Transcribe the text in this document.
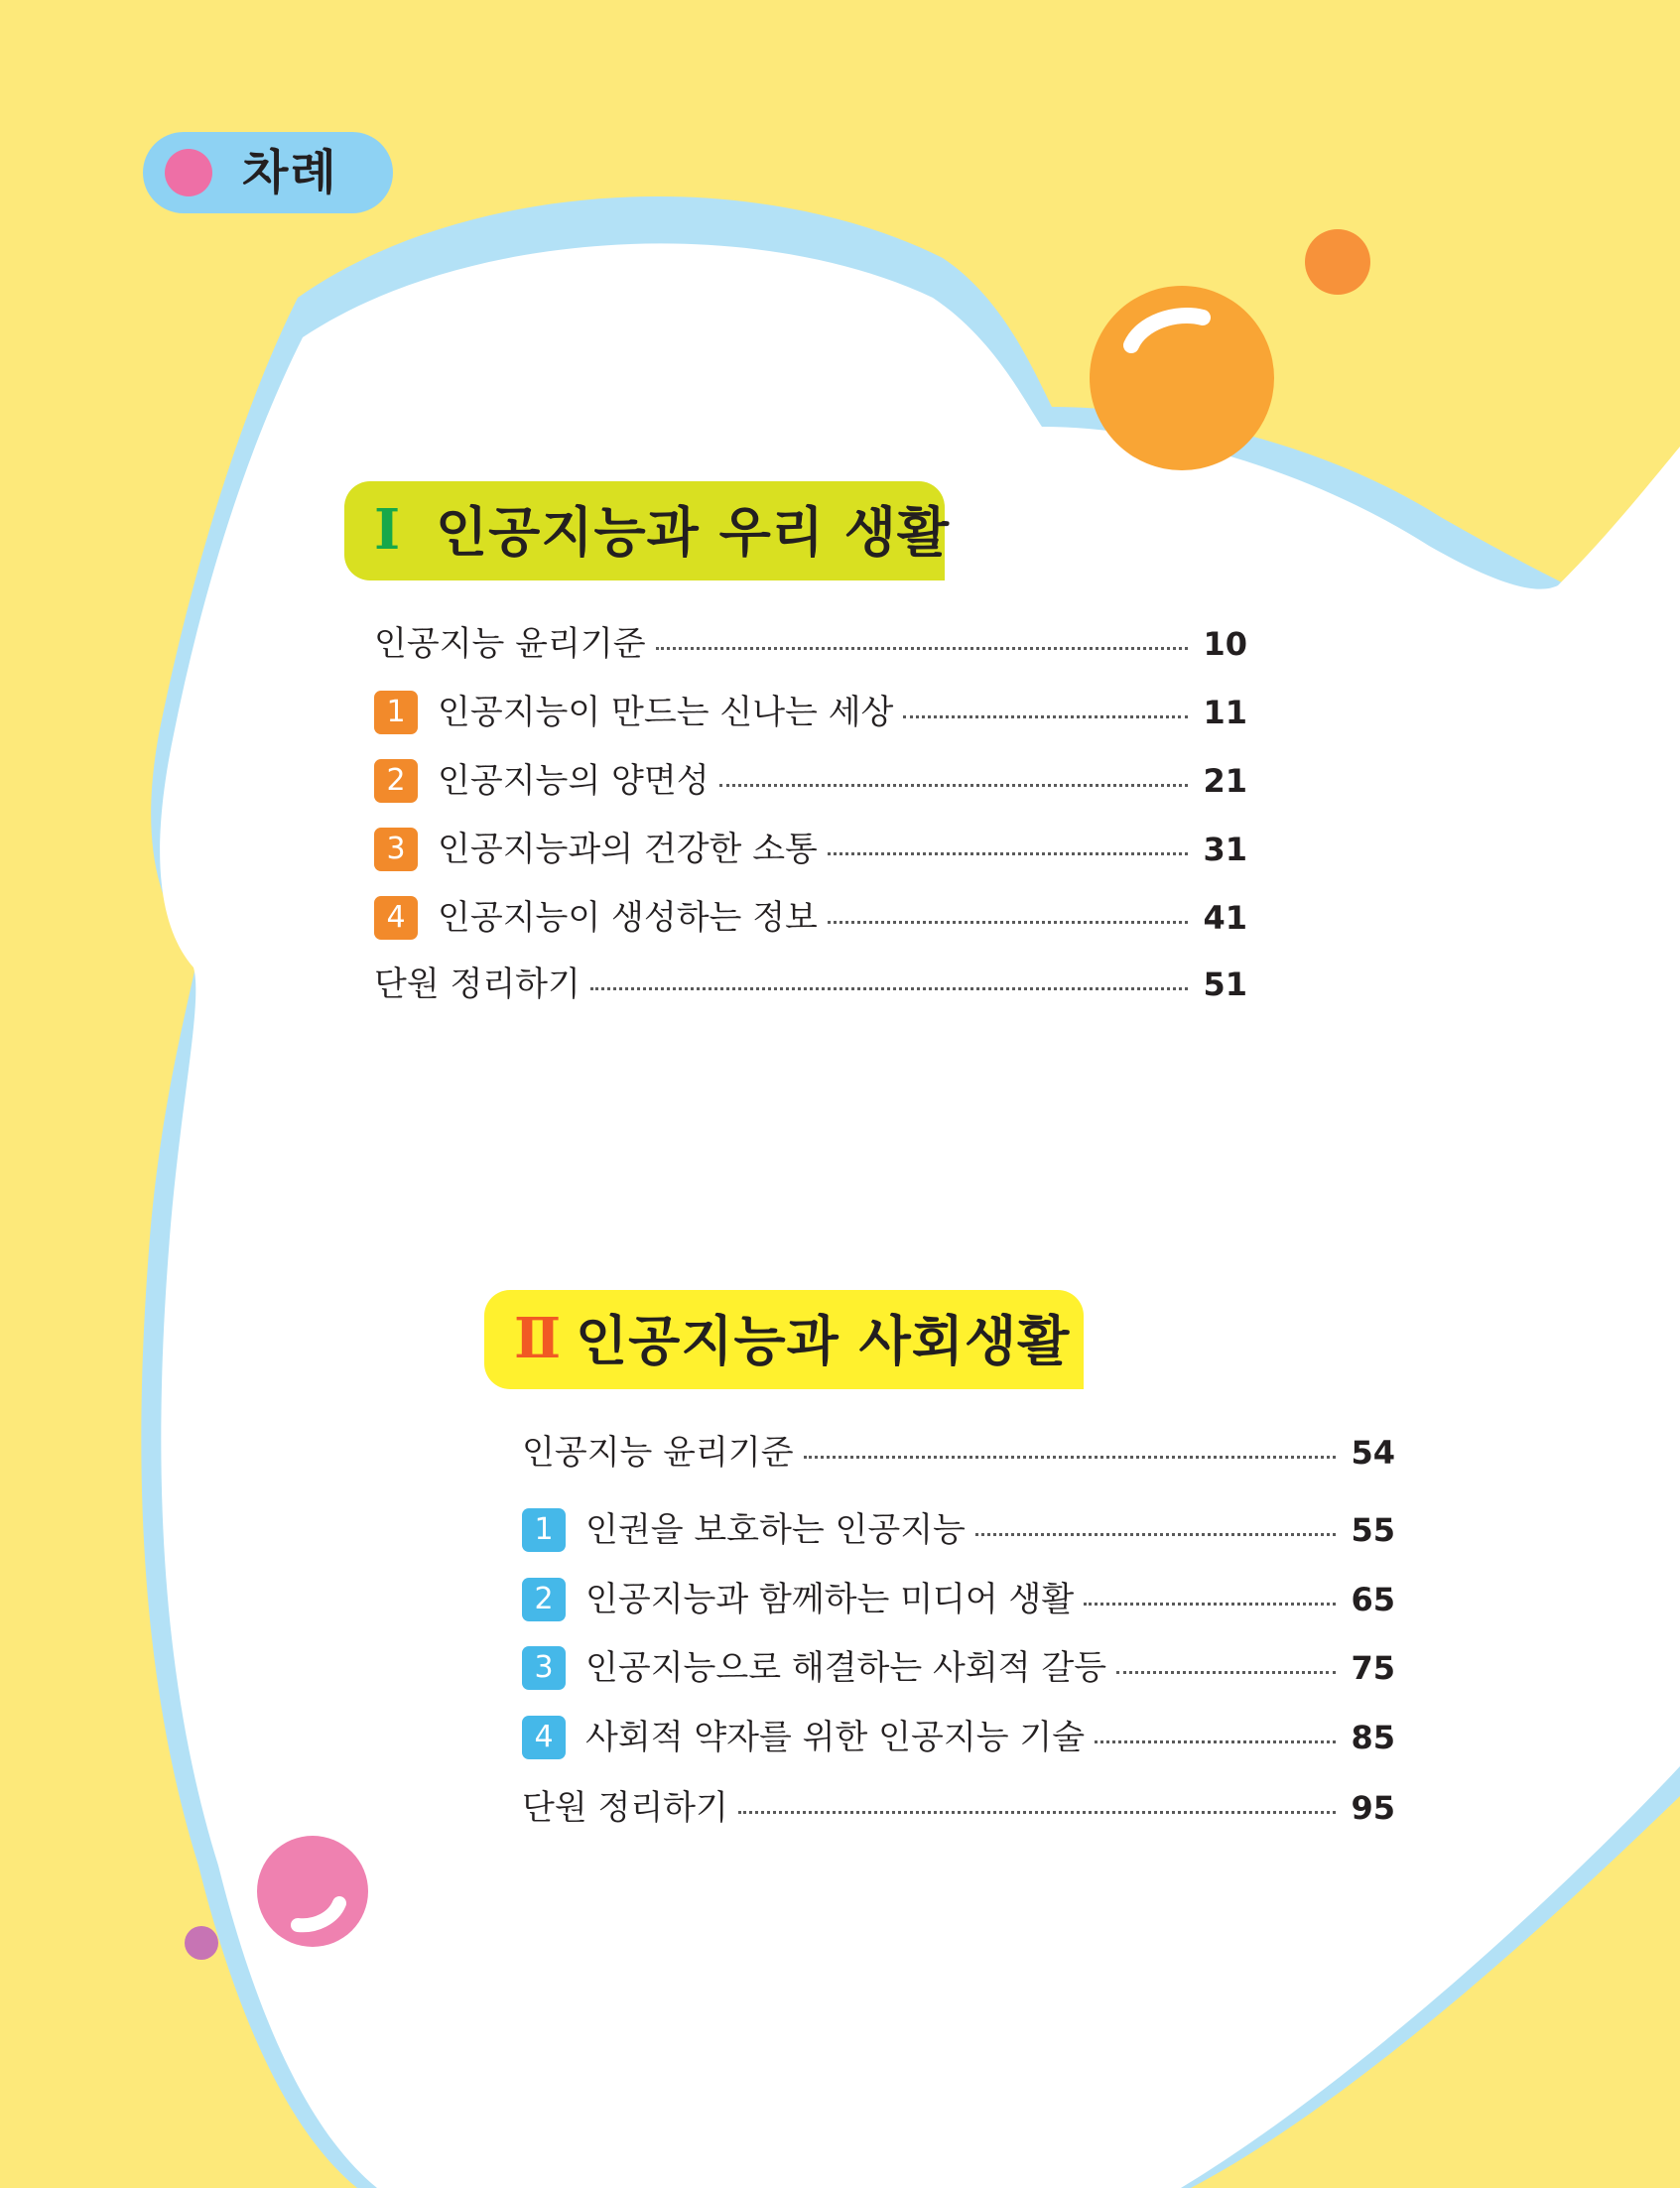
차례
Ⅰ 인공지능과 우리 생활
인공지능 윤리기준	10
1 인공지능이 만드는 신나는 세상	11
2 인공지능의 양면성	21
3 인공지능과의 건강한 소통	31
4 인공지능이 생성하는 정보	41
단원 정리하기	51
Ⅱ 인공지능과 사회생활
인공지능 윤리기준	54
1 인권을 보호하는 인공지능	55
2 인공지능과 함께하는 미디어 생활	65
3 인공지능으로 해결하는 사회적 갈등	75
4 사회적 약자를 위한 인공지능 기술	85
단원 정리하기	95
